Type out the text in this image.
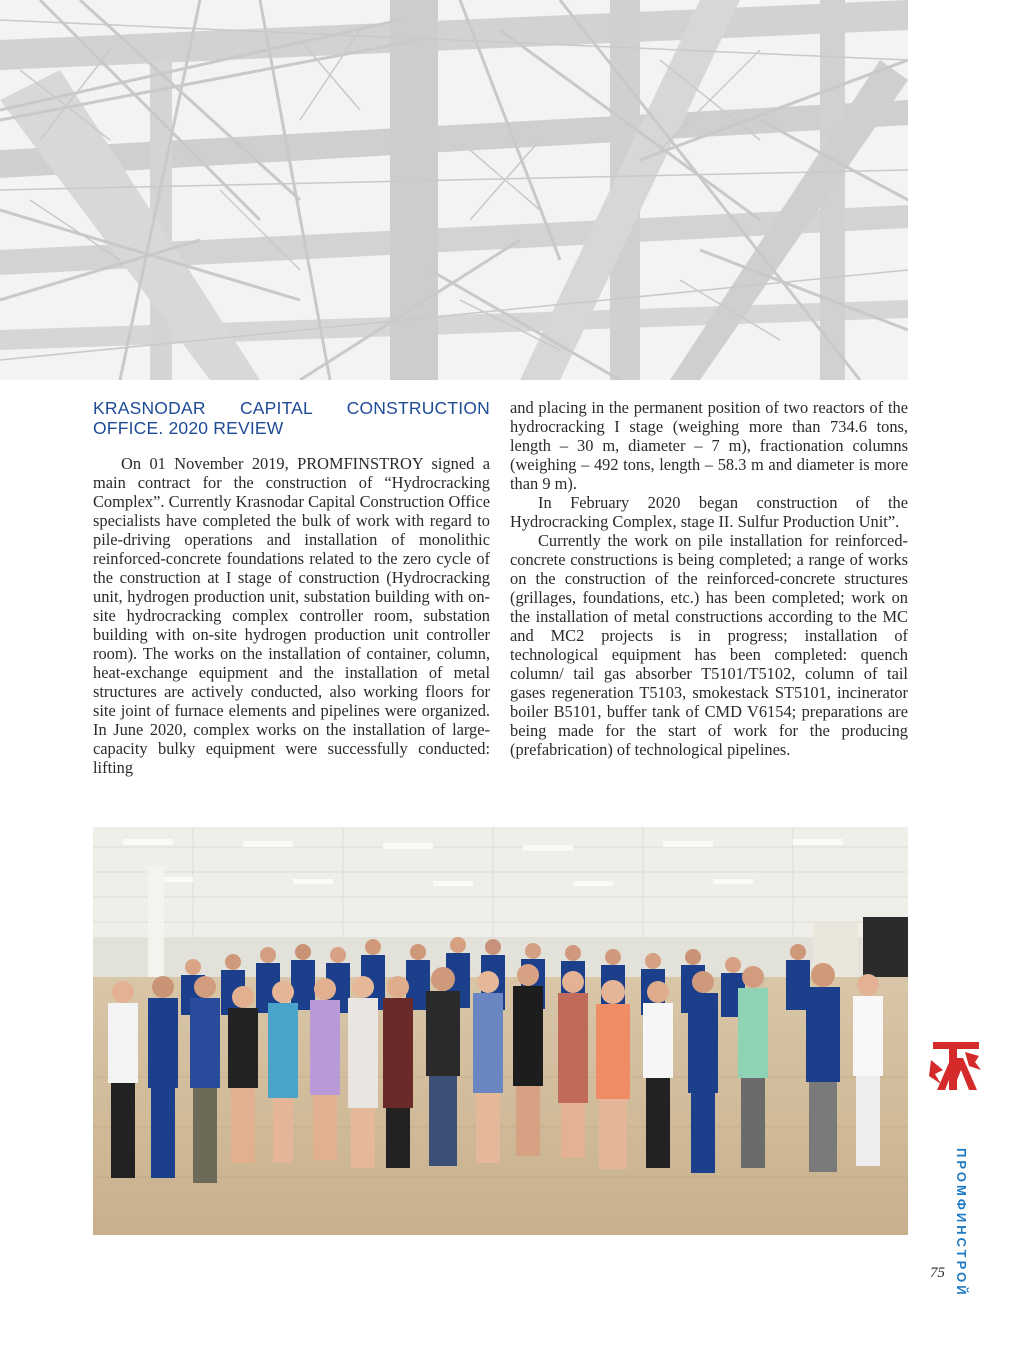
KRASNODAR CAPITAL CONSTRUCTION OFFICE. 2020 REVIEW

On 01 November 2019, PROMFINSTROY signed a main contract for the construction of “Hydrocracking Complex”. Currently Krasnodar Capital Construction Office specialists have completed the bulk of work with regard to pile-driving operations and installation of monolithic reinforced-concrete foundations related to the zero cycle of the construction at I stage of construction (Hydrocracking unit, hydrogen production unit, substation building with on-site hydrocracking complex controller room, substation building with on-site hydrogen production unit controller room). The works on the installation of container, column, heat-exchange equipment and the installation of metal structures are actively conducted, also working floors for site joint of furnace elements and pipelines were organized. In June 2020, complex works on the installation of large-capacity bulky equipment were successfully conducted: lifting

and placing in the permanent position of two reactors of the hydrocracking I stage (weighing more than 734.6 tons, length – 30 m, diameter – 7 m), fractionation columns (weighing – 492 tons, length – 58.3 m and diameter is more than 9 m).

In February 2020 began construction of the Hydrocracking Complex, stage II. Sulfur Production Unit”.

Currently the work on pile installation for reinforced-concrete constructions is being completed; a range of works on the construction of the reinforced-concrete structures (grillages, foundations, etc.) has been completed; work on the installation of metal constructions according to the MC and MC2 projects is in progress; installation of technological equipment has been completed: quench column/ tail gas absorber T5101/T5102, column of tail gases regeneration T5103, smokestack ST5101, incinerator boiler B5101, buffer tank of CMD V6154; preparations are being made for the start of work for the producing (prefabrication) of technological pipelines.

ПРОМФИНСТРОЙ
75
